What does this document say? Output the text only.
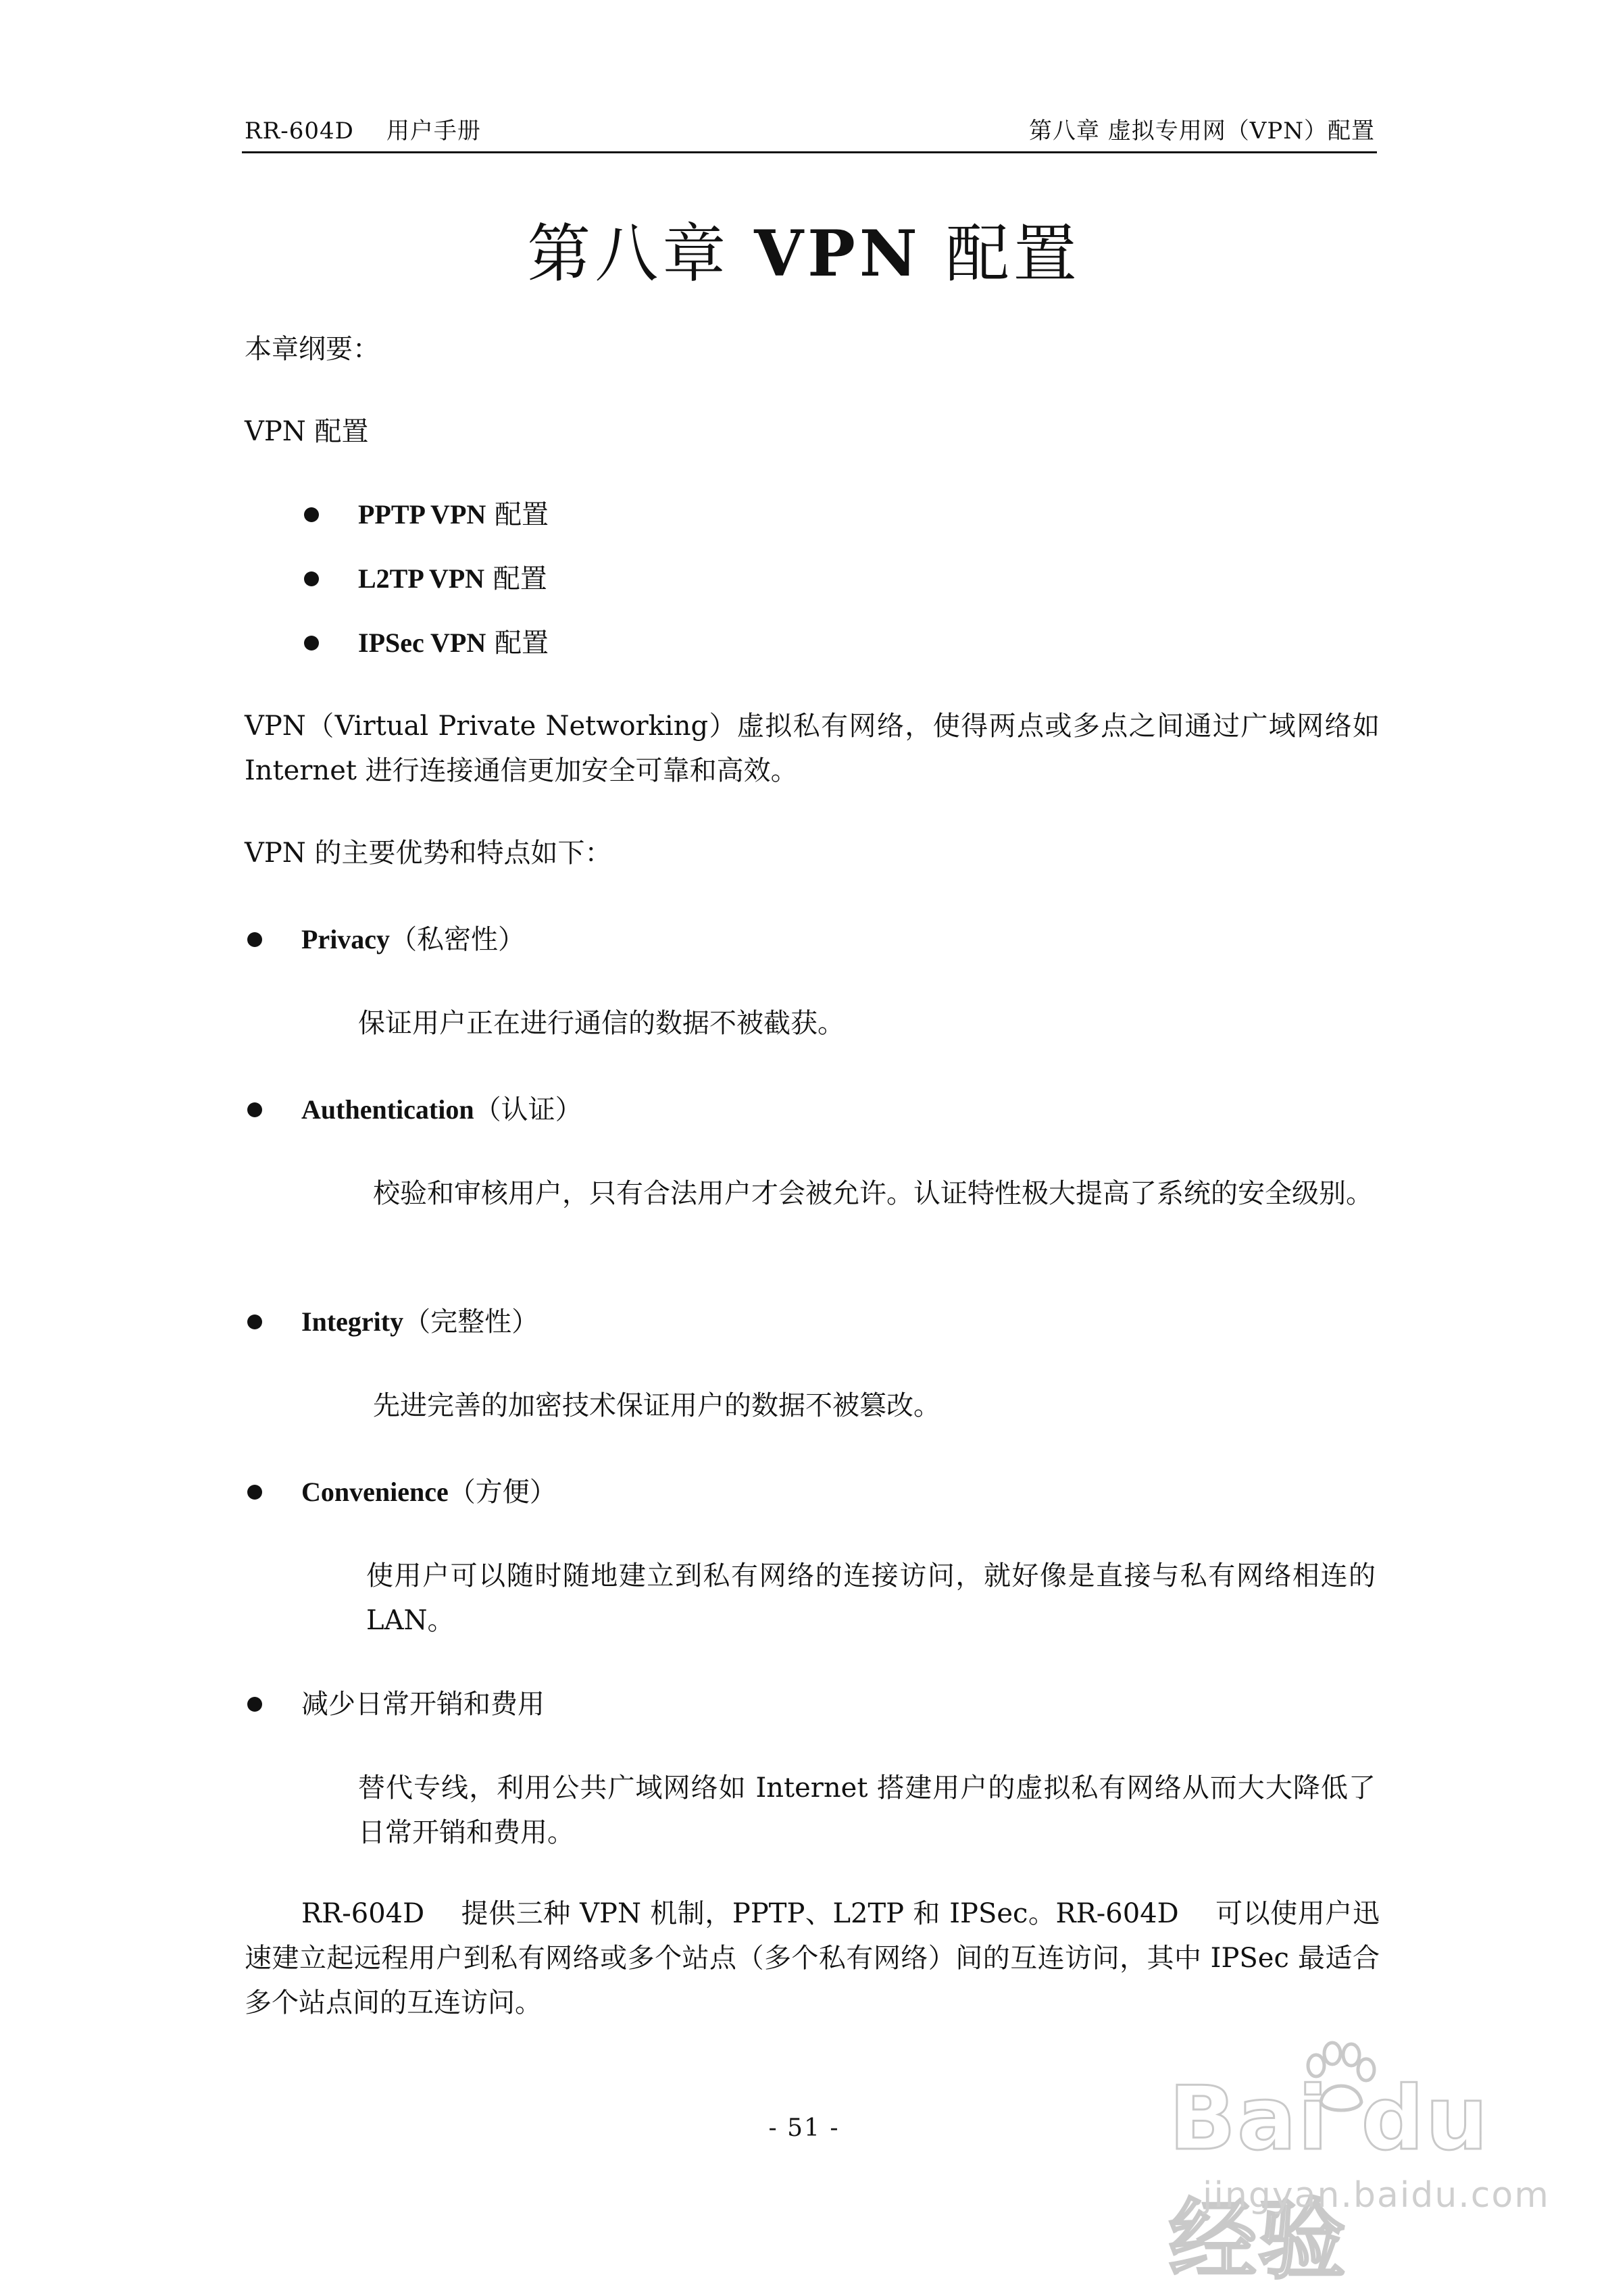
RR-604D 用户手册	第八章 虚拟专用网（VPN）配置
第八章 VPN 配置
本章纲要：
VPN 配置
PPTP VPN 配置
L2TP VPN 配置
IPSec VPN 配置
VPN（Virtual Private Networking）虚拟私有网络，使得两点或多点之间通过广域网络如 Internet 进行连接通信更加安全可靠和高效。
VPN 的主要优势和特点如下：
Privacy（私密性）
保证用户正在进行通信的数据不被截获。
Authentication（认证）
校验和审核用户，只有合法用户才会被允许。认证特性极大提高了系统的安全级别。
Integrity（完整性）
先进完善的加密技术保证用户的数据不被篡改。
Convenience（方便）
使用户可以随时随地建立到私有网络的连接访问，就好像是直接与私有网络相连的 LAN。
减少日常开销和费用
替代专线，利用公共广域网络如 Internet 搭建用户的虚拟私有网络从而大大降低了日常开销和费用。
RR-604D　 提供三种 VPN 机制，PPTP、L2TP 和 IPSec。RR-604D　 可以使用户迅速建立起远程用户到私有网络或多个站点（多个私有网络）间的互连访问，其中 IPSec 最适合多个站点间的互连访问。
- 51 -	Bai du 经验
jingyan.baidu.com
